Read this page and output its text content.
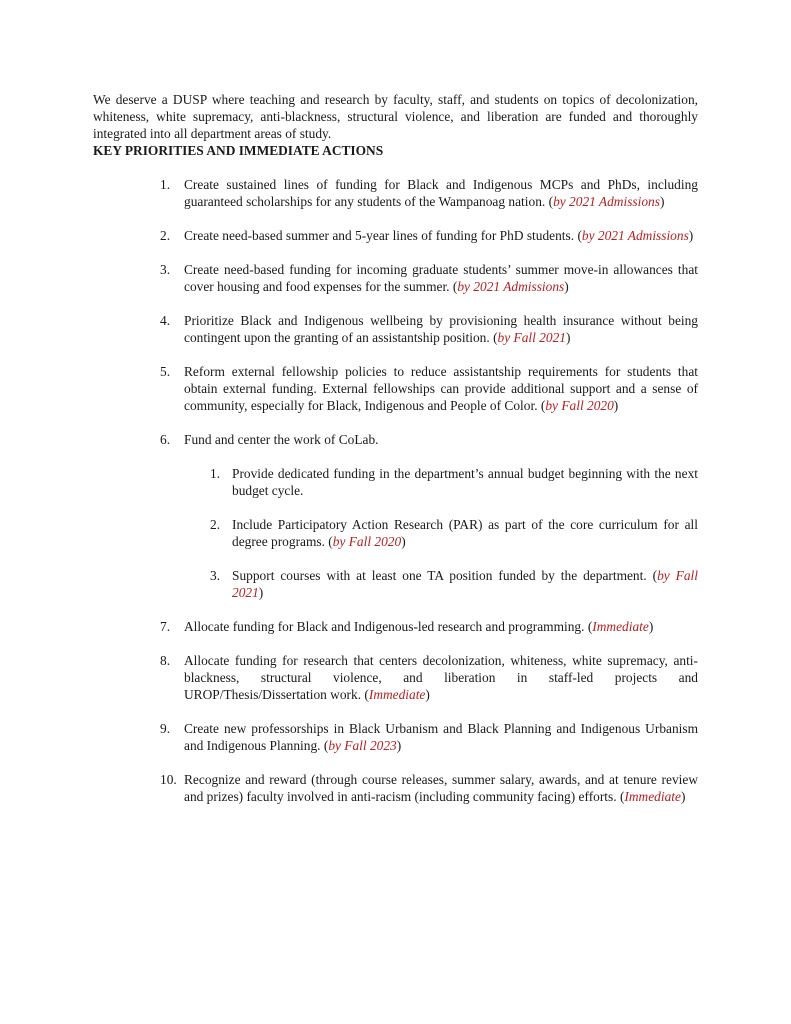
We deserve a DUSP where teaching and research by faculty, staff, and students on topics of decolonization, whiteness, white supremacy, anti-blackness, structural violence, and liberation are funded and thoroughly integrated into all department areas of study.

KEY PRIORITIES AND IMMEDIATE ACTIONS
1.	Create sustained lines of funding for Black and Indigenous MCPs and PhDs, including guaranteed scholarships for any students of the Wampanoag nation. (by 2021 Admissions)
2.	Create need-based summer and 5-year lines of funding for PhD students. (by 2021 Admissions)
3.	Create need-based funding for incoming graduate students’ summer move-in allowances that cover housing and food expenses for the summer. (by 2021 Admissions)
4.	Prioritize Black and Indigenous wellbeing by provisioning health insurance without being contingent upon the granting of an assistantship position. (by Fall 2021)
5.	Reform external fellowship policies to reduce assistantship requirements for students that obtain external funding. External fellowships can provide additional support and a sense of community, especially for Black, Indigenous and People of Color. (by Fall 2020)
6.	Fund and center the work of CoLab.
1. Provide dedicated funding in the department’s annual budget beginning with the next budget cycle.
2. Include Participatory Action Research (PAR) as part of the core curriculum for all degree programs. (by Fall 2020)
3. Support courses with at least one TA position funded by the department. (by Fall 2021)
7.	Allocate funding for Black and Indigenous-led research and programming. (Immediate)
8.	Allocate funding for research that centers decolonization, whiteness, white supremacy, anti-blackness, structural violence, and liberation in staff-led projects and UROP/Thesis/Dissertation work. (Immediate)
9.	Create new professorships in Black Urbanism and Black Planning and Indigenous Urbanism and Indigenous Planning. (by Fall 2023)
10. Recognize and reward (through course releases, summer salary, awards, and at tenure review and prizes) faculty involved in anti-racism (including community facing) efforts. (Immediate)
